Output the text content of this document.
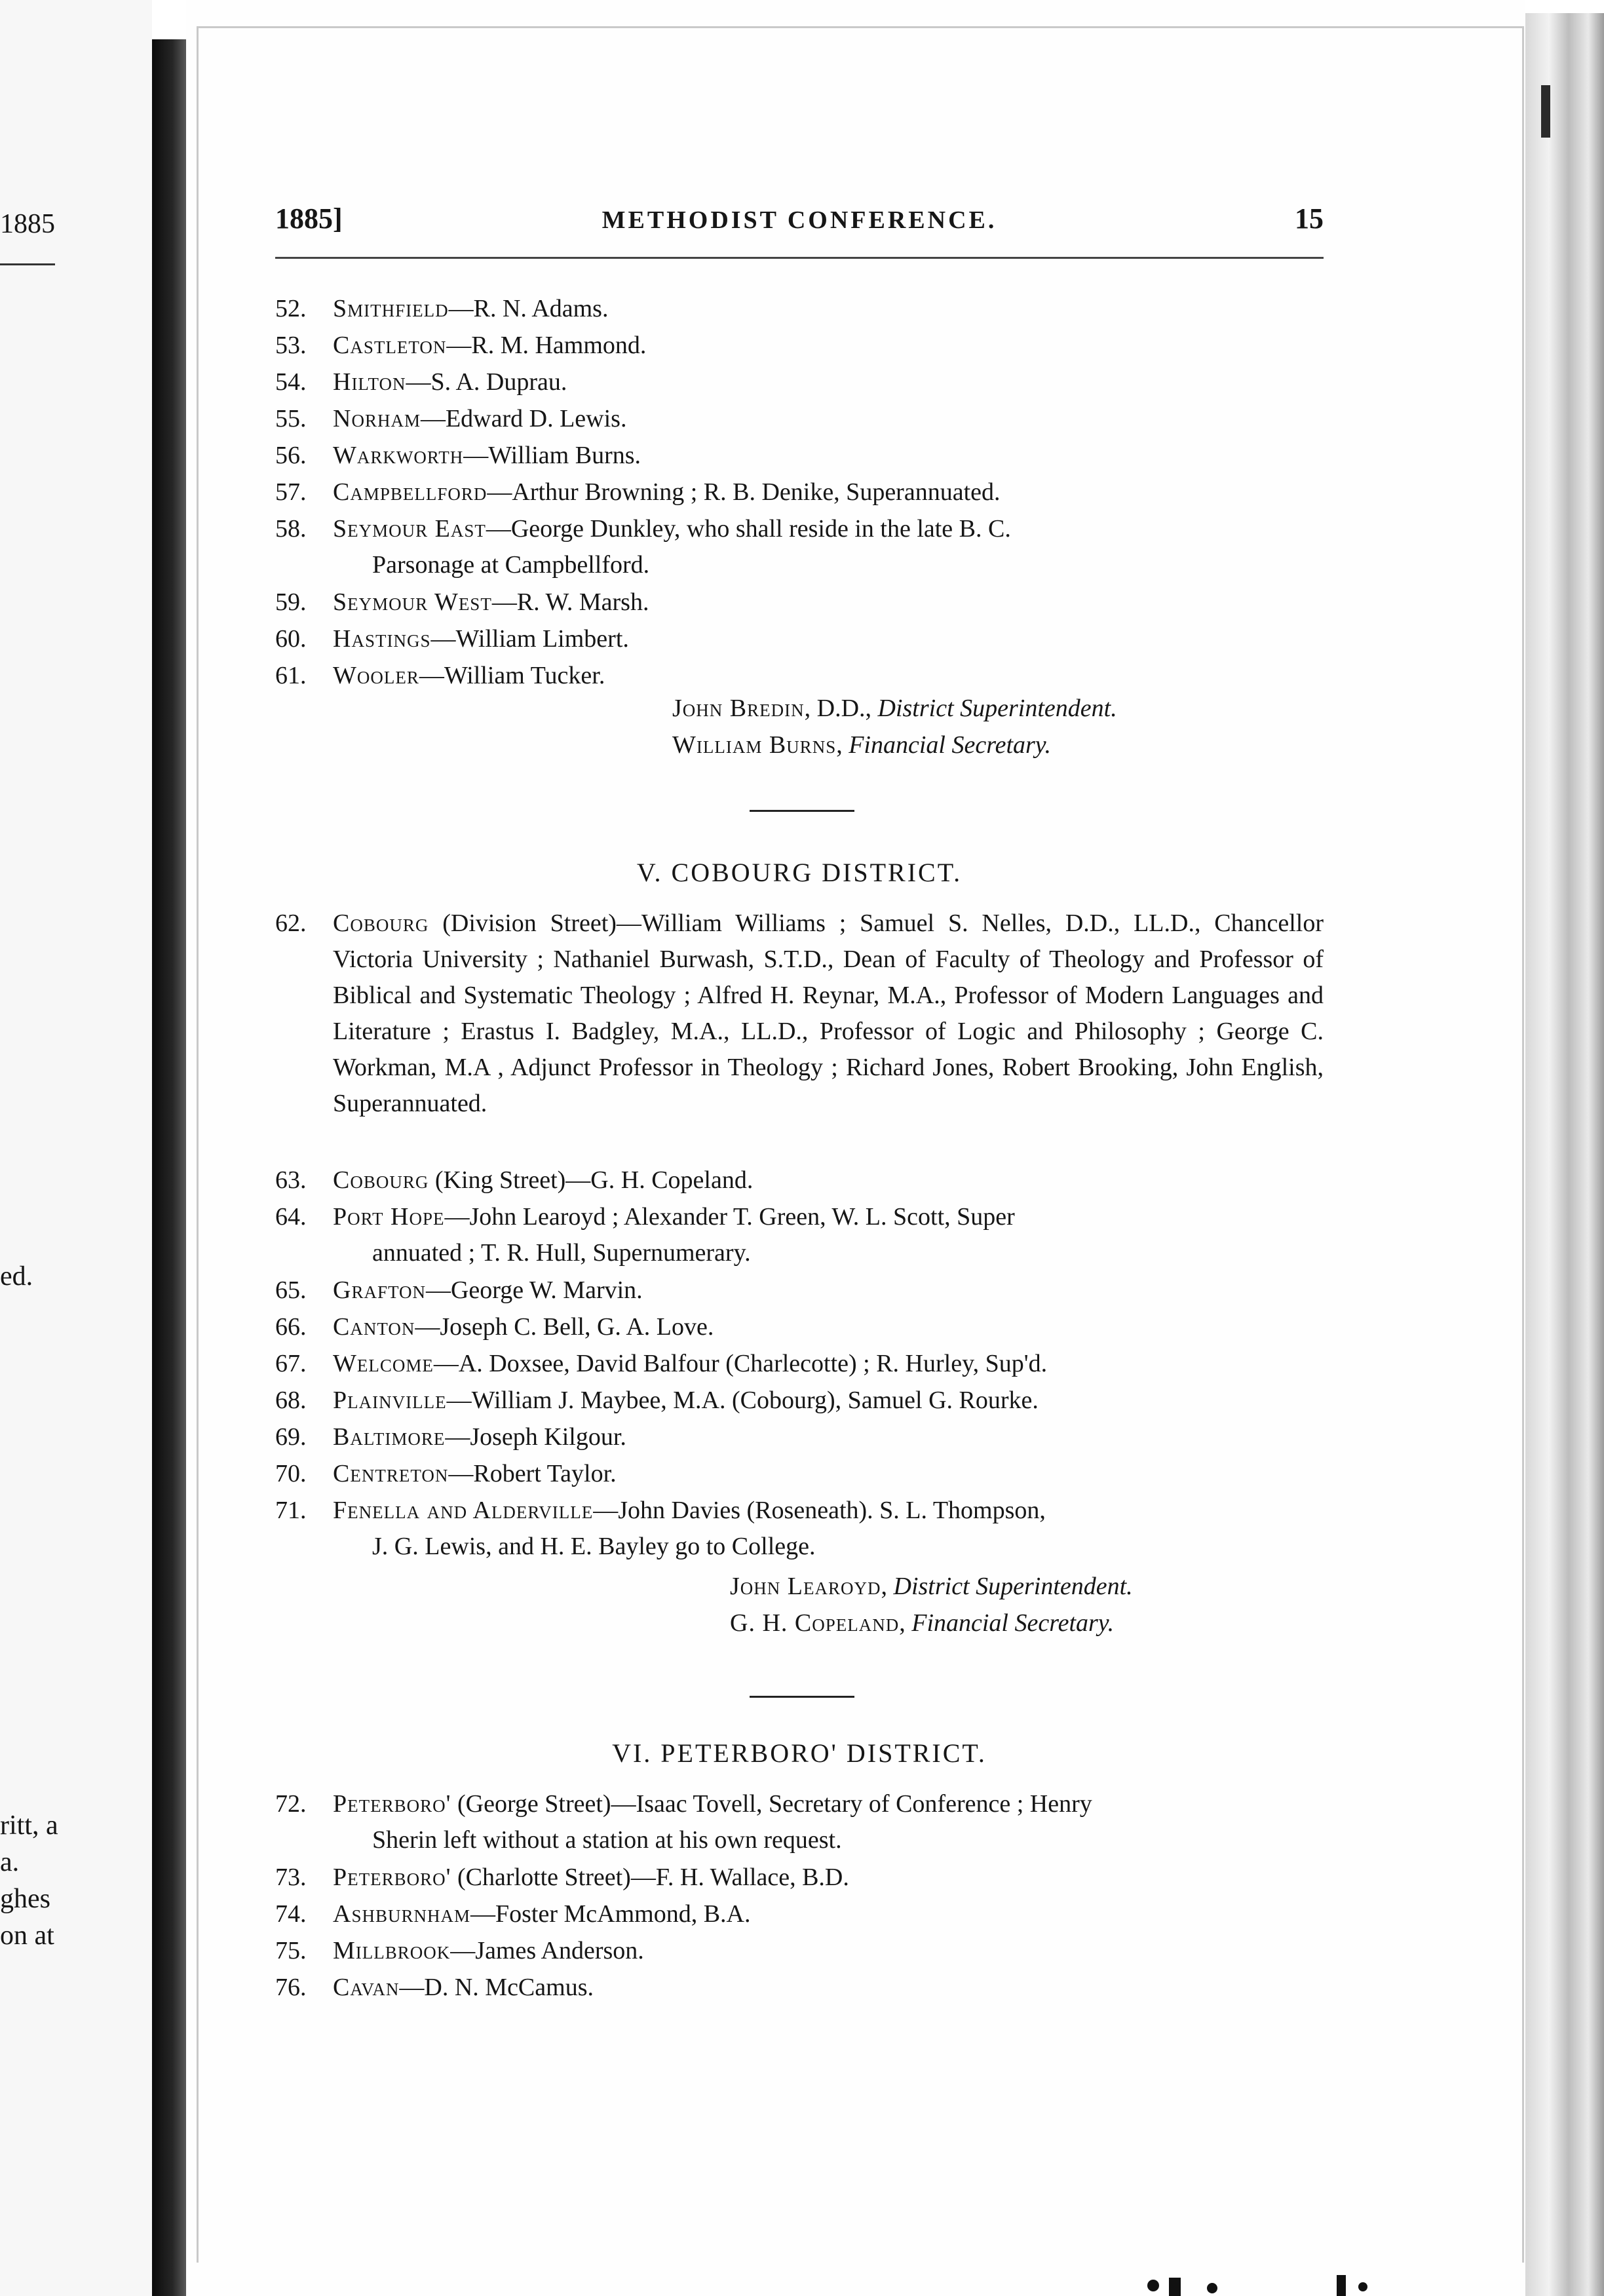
1885
ed.
ritt, a
a.
ghes
on at
1885]	METHODIST CONFERENCE.	15
52. Smithfield—R. N. Adams.
53. Castleton—R. M. Hammond.
54. Hilton—S. A. Duprau.
55. Norham—Edward D. Lewis.
56. Warkworth—William Burns.
57. Campbellford—Arthur Browning ; R. B. Denike, Superannuated.
58. Seymour East—George Dunkley, who shall reside in the late B. C.
Parsonage at Campbellford.
59. Seymour West—R. W. Marsh.
60. Hastings—William Limbert.
61. Wooler—William Tucker.
John Bredin, D.D., District Superintendent.
William Burns, Financial Secretary.
V. COBOURG DISTRICT.
62. Cobourg (Division Street)—William Williams ; Samuel S. Nelles, D.D., LL.D., Chancellor Victoria University ; Nathaniel Burwash, S.T.D., Dean of Faculty of Theology and Professor of Biblical and Systematic Theology ; Alfred H. Reynar, M.A., Professor of Modern Languages and Literature ; Erastus I. Badgley, M.A., LL.D., Professor of Logic and Philosophy ; George C. Workman, M.A , Adjunct Professor in Theology ; Richard Jones, Robert Brooking, John English, Superannuated.
63. Cobourg (King Street)—G. H. Copeland.
64. Port Hope—John Learoyd ; Alexander T. Green, W. L. Scott, Super
annuated ; T. R. Hull, Supernumerary.
65. Grafton—George W. Marvin.
66. Canton—Joseph C. Bell, G. A. Love.
67. Welcome—A. Doxsee, David Balfour (Charlecotte) ; R. Hurley, Sup'd.
68. Plainville—William J. Maybee, M.A. (Cobourg), Samuel G. Rourke.
69. Baltimore—Joseph Kilgour.
70. Centreton—Robert Taylor.
71. Fenella and Alderville—John Davies (Roseneath). S. L. Thompson,
J. G. Lewis, and H. E. Bayley go to College.
John Learoyd, District Superintendent.
G. H. Copeland, Financial Secretary.
VI. PETERBORO' DISTRICT.
72. Peterboro' (George Street)—Isaac Tovell, Secretary of Conference ; Henry
Sherin left without a station at his own request.
73. Peterboro' (Charlotte Street)—F. H. Wallace, B.D.
74. Ashburnham—Foster McAmmond, B.A.
75. Millbrook—James Anderson.
76. Cavan—D. N. McCamus.
